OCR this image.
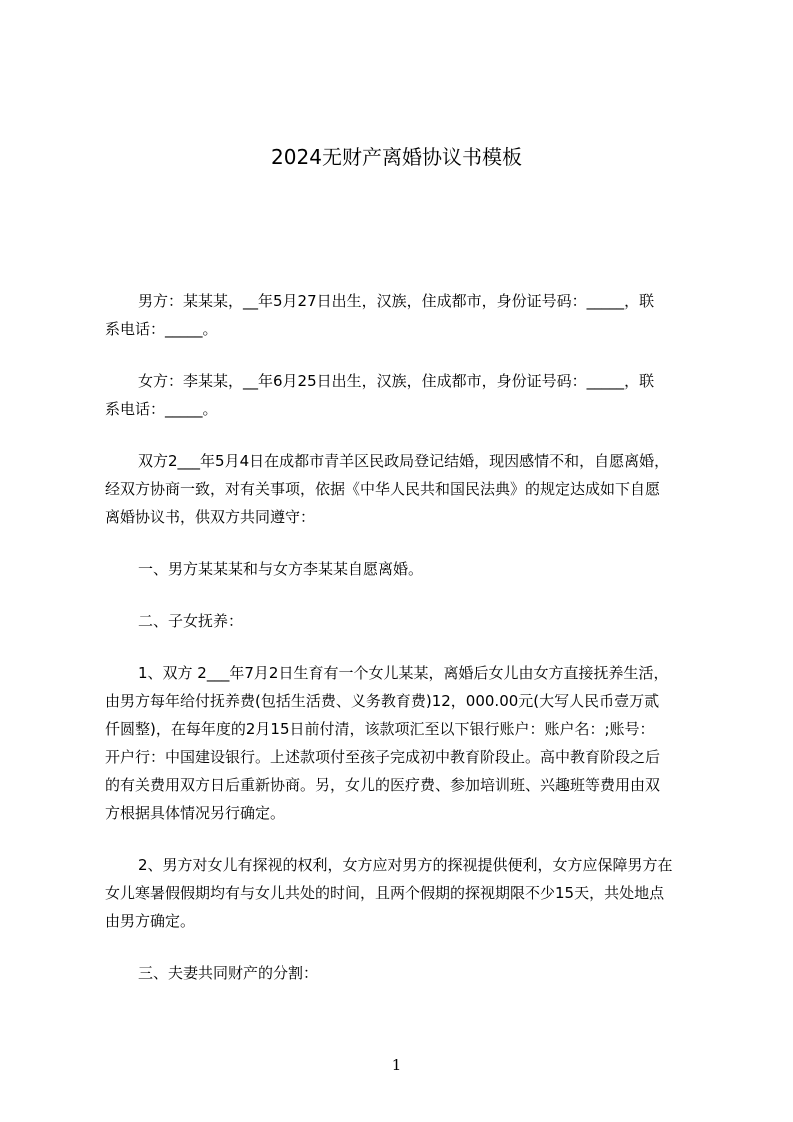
2024无财产离婚协议书模板
男方：某某某，__年5月27日出生，汉族，住成都市，身份证号码：_____，联
系电话：_____。
女方：李某某，__年6月25日出生，汉族，住成都市，身份证号码：_____，联
系电话：_____。
双方2___年5月4日在成都市青羊区民政局登记结婚，现因感情不和，自愿离婚，
经双方协商一致，对有关事项，依据《中华人民共和国民法典》的规定达成如下自愿
离婚协议书，供双方共同遵守：
一、男方某某某和与女方李某某自愿离婚。
二、子女抚养：
1、双方 2___年7月2日生育有一个女儿某某，离婚后女儿由女方直接抚养生活，
由男方每年给付抚养费(包括生活费、义务教育费)12，000.00元(大写人民币壹万贰
仟圆整)，在每年度的2月15日前付清，该款项汇至以下银行账户：账户名：;账号：
开户行：中国建设银行。上述款项付至孩子完成初中教育阶段止。高中教育阶段之后
的有关费用双方日后重新协商。另，女儿的医疗费、参加培训班、兴趣班等费用由双
方根据具体情况另行确定。
2、男方对女儿有探视的权利，女方应对男方的探视提供便利，女方应保障男方在
女儿寒暑假假期均有与女儿共处的时间，且两个假期的探视期限不少15天，共处地点
由男方确定。
三、夫妻共同财产的分割：
1
